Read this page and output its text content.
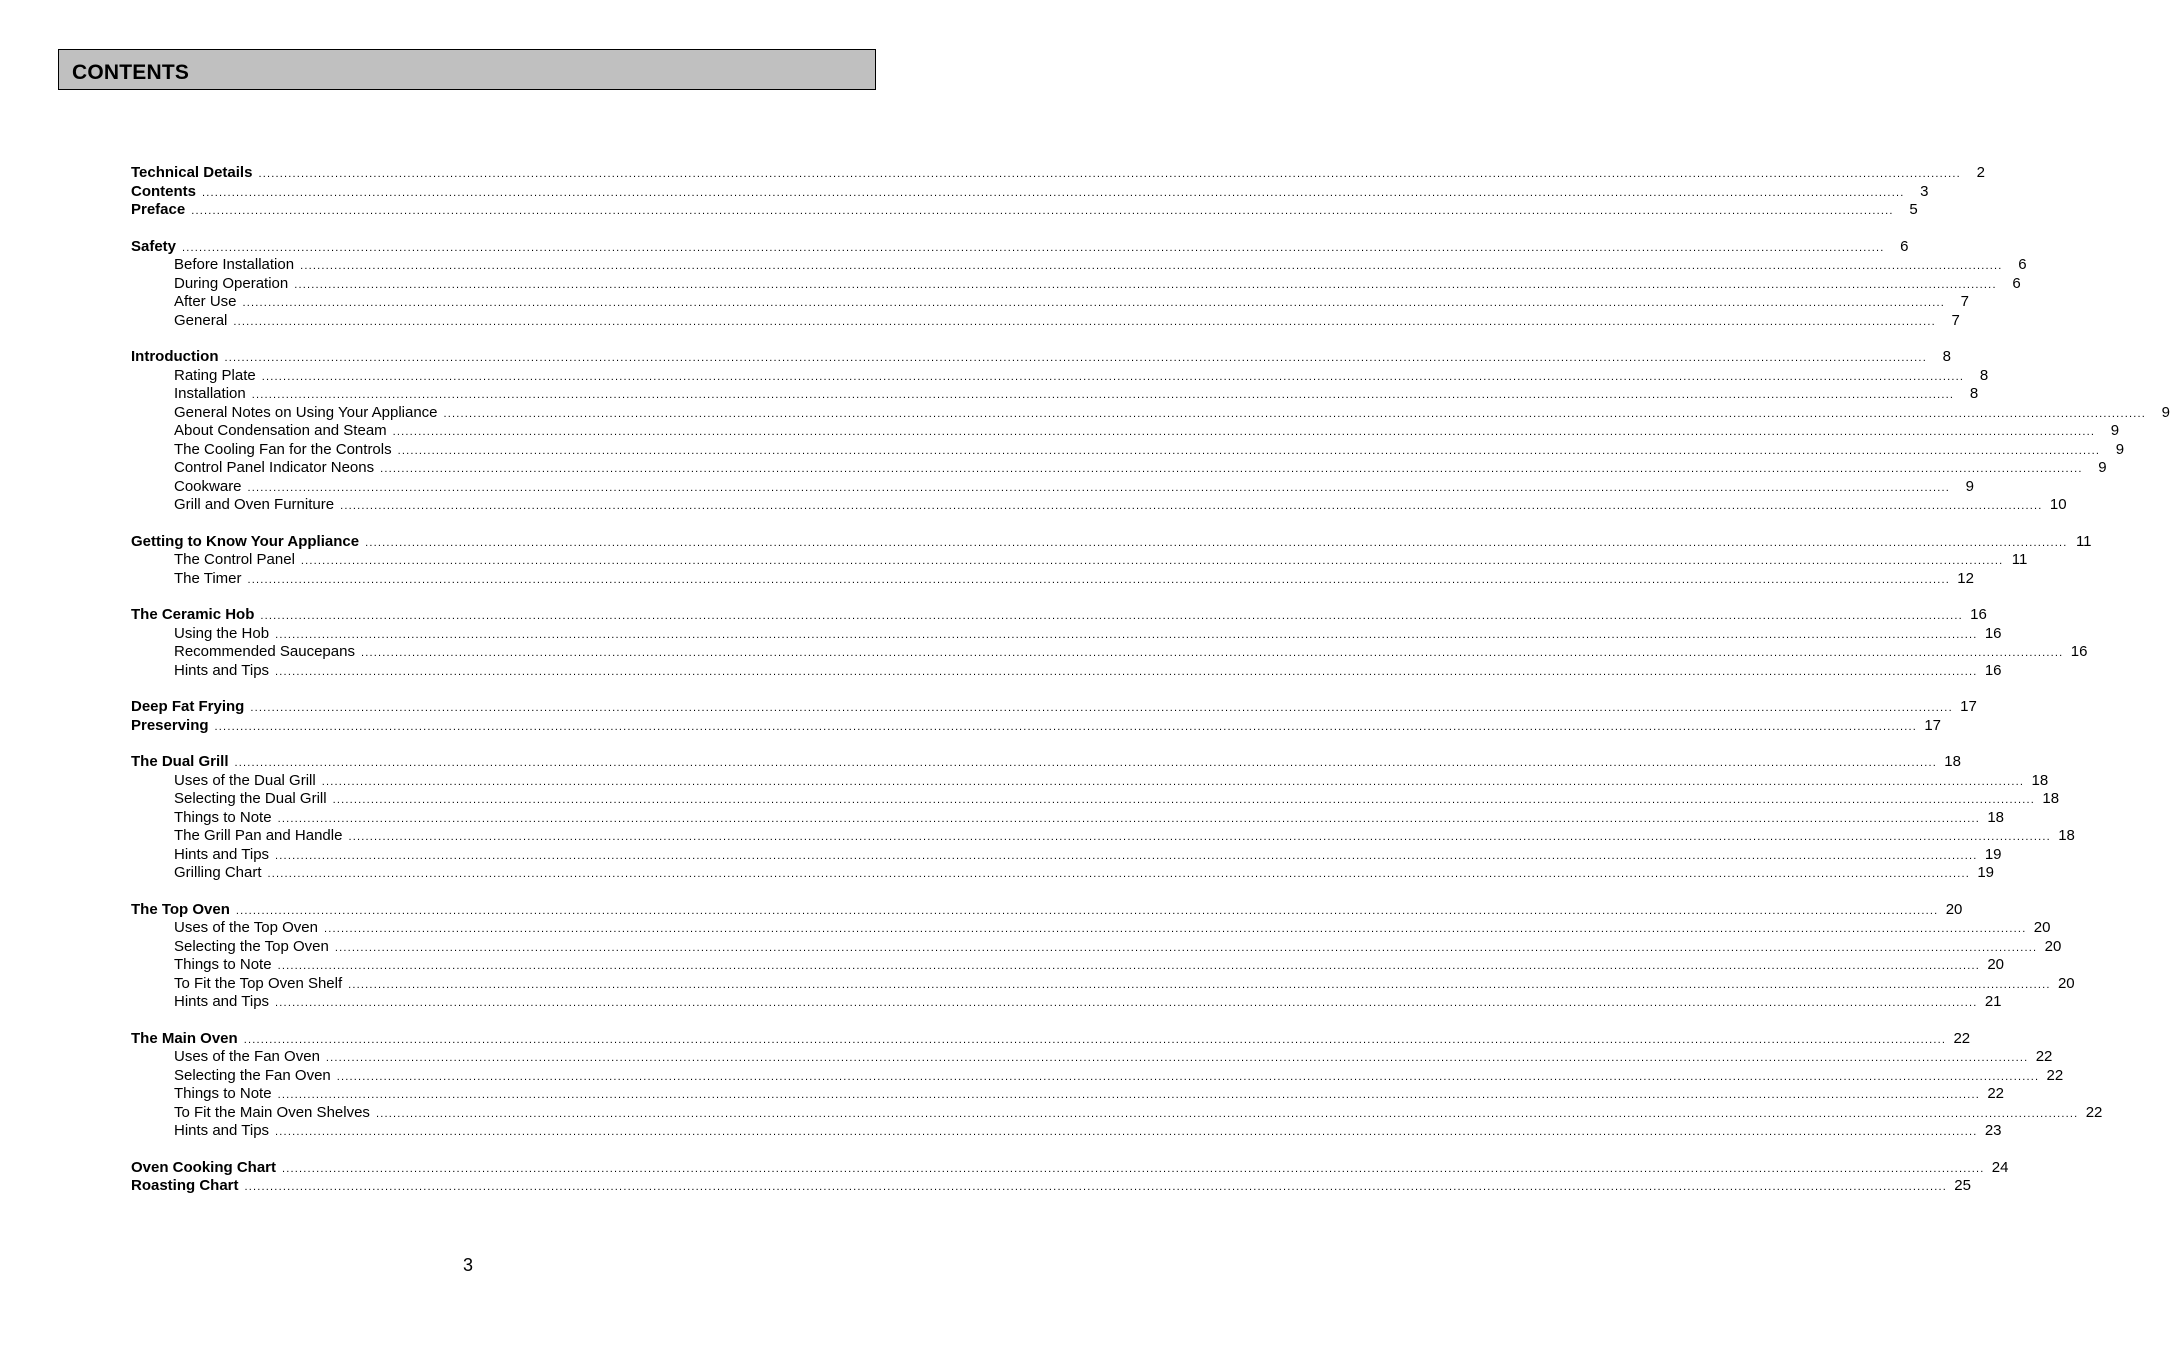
CONTENTS
Technical Details ................................................................................................................................................................................................................................................................................................................................................................................................................	2
Contents ................................................................................................................................................................................................................................................................................................................................................................................................................	3
Preface ................................................................................................................................................................................................................................................................................................................................................................................................................	5
Safety ................................................................................................................................................................................................................................................................................................................................................................................................................	6
Before Installation ................................................................................................................................................................................................................................................................................................................................................................................................................	6
During Operation ................................................................................................................................................................................................................................................................................................................................................................................................................	6
After Use ................................................................................................................................................................................................................................................................................................................................................................................................................	7
General ................................................................................................................................................................................................................................................................................................................................................................................................................	7
Introduction ................................................................................................................................................................................................................................................................................................................................................................................................................	8
Rating Plate ................................................................................................................................................................................................................................................................................................................................................................................................................	8
Installation ................................................................................................................................................................................................................................................................................................................................................................................................................	8
General Notes on Using Your Appliance ................................................................................................................................................................................................................................................................................................................................................................................................................	9
About Condensation and Steam ................................................................................................................................................................................................................................................................................................................................................................................................................	9
The Cooling Fan for the Controls ................................................................................................................................................................................................................................................................................................................................................................................................................	9
Control Panel Indicator Neons ................................................................................................................................................................................................................................................................................................................................................................................................................	9
Cookware ................................................................................................................................................................................................................................................................................................................................................................................................................	9
Grill and Oven Furniture ................................................................................................................................................................................................................................................................................................................................................................................................................ 10
Getting to Know Your Appliance ................................................................................................................................................................................................................................................................................................................................................................................................................ 11
The Control Panel ................................................................................................................................................................................................................................................................................................................................................................................................................ 11
The Timer ................................................................................................................................................................................................................................................................................................................................................................................................................ 12
The Ceramic Hob ................................................................................................................................................................................................................................................................................................................................................................................................................ 16
Using the Hob ................................................................................................................................................................................................................................................................................................................................................................................................................ 16
Recommended Saucepans ................................................................................................................................................................................................................................................................................................................................................................................................................ 16
Hints and Tips ................................................................................................................................................................................................................................................................................................................................................................................................................ 16
Deep Fat Frying ................................................................................................................................................................................................................................................................................................................................................................................................................ 17
Preserving ................................................................................................................................................................................................................................................................................................................................................................................................................ 17
The Dual Grill ................................................................................................................................................................................................................................................................................................................................................................................................................ 18
Uses of the Dual Grill ................................................................................................................................................................................................................................................................................................................................................................................................................ 18
Selecting the Dual Grill ................................................................................................................................................................................................................................................................................................................................................................................................................ 18
Things to Note ................................................................................................................................................................................................................................................................................................................................................................................................................ 18
The Grill Pan and Handle ................................................................................................................................................................................................................................................................................................................................................................................................................ 18
Hints and Tips ................................................................................................................................................................................................................................................................................................................................................................................................................ 19
Grilling Chart ................................................................................................................................................................................................................................................................................................................................................................................................................ 19
The Top Oven ................................................................................................................................................................................................................................................................................................................................................................................................................ 20
Uses of the Top Oven ................................................................................................................................................................................................................................................................................................................................................................................................................ 20
Selecting the Top Oven ................................................................................................................................................................................................................................................................................................................................................................................................................ 20
Things to Note ................................................................................................................................................................................................................................................................................................................................................................................................................ 20
To Fit the Top Oven Shelf ................................................................................................................................................................................................................................................................................................................................................................................................................ 20
Hints and Tips ................................................................................................................................................................................................................................................................................................................................................................................................................ 21
The Main Oven ................................................................................................................................................................................................................................................................................................................................................................................................................ 22
Uses of the Fan Oven ................................................................................................................................................................................................................................................................................................................................................................................................................ 22
Selecting the Fan Oven ................................................................................................................................................................................................................................................................................................................................................................................................................ 22
Things to Note ................................................................................................................................................................................................................................................................................................................................................................................................................ 22
To Fit the Main Oven Shelves ................................................................................................................................................................................................................................................................................................................................................................................................................ 22
Hints and Tips ................................................................................................................................................................................................................................................................................................................................................................................................................ 23
Oven Cooking Chart ................................................................................................................................................................................................................................................................................................................................................................................................................ 24
Roasting Chart ................................................................................................................................................................................................................................................................................................................................................................................................................ 25
3
